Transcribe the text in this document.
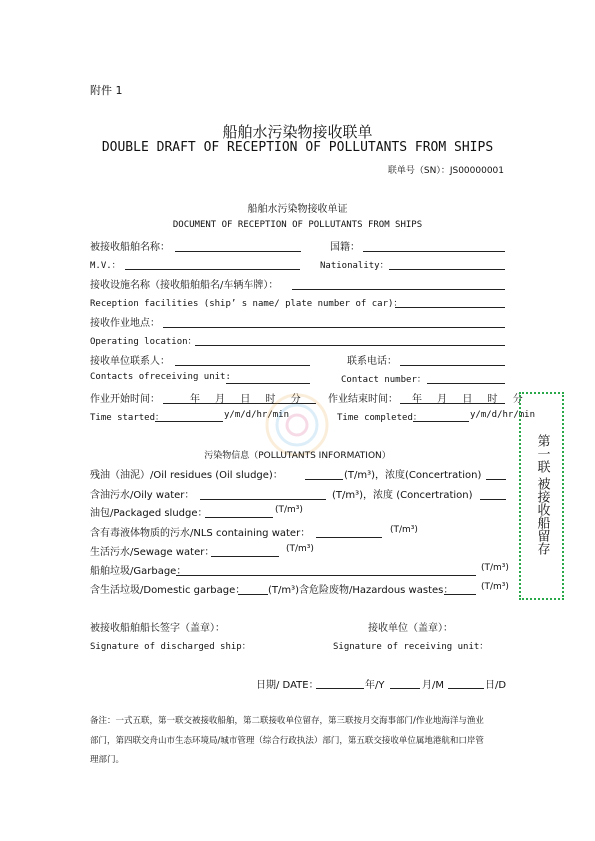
附件 1
船舶水污染物接收联单
DOUBLE DRAFT OF RECEPTION OF POLLUTANTS FROM SHIPS
联单号（SN）：JS00000001
船舶水污染物接收单证
DOCUMENT OF RECEPTION OF POLLUTANTS FROM SHIPS
被接收船舶名称：	国籍：
M.V.：	Nationality：
接收设施名称（接收船舶船名/车辆车牌）：
Reception facilities (ship’ s name/ plate number of car)：
接收作业地点：
Operating location：
接收单位联系人：	联系电话：
Contacts ofreceiving unit:	Contact number：
作业开始时间：	年 月 日 时 分	作业结束时间： 年 月 日 时 分
Time started：	y/m/d/hr/min	Time completed：	y/m/d/hr/min
污染物信息（POLLUTANTS INFORMATION）
残油（油泥）/Oil residues (Oil sludge)：	(T/m³)，浓度(Concertration)
含油污水/Oily water：	(T/m³)，浓度 (Concertration)
油包/Packaged sludge：	(T/m³)
含有毒液体物质的污水/NLS containing water：	(T/m³)
生活污水/Sewage water：	(T/m³)
船舶垃圾/Garbage：	(T/m³)
含生活垃圾/Domestic garbage： (T/m³)含危险废物/Hazardous wastes：	(T/m³)
第一联 被接收船留存
被接收船舶船长签字（盖章）：	接收单位（盖章）：
Signature of discharged ship：	Signature of receiving unit：
日期/ DATE：	年/Y	月/M	日/D
备注：一式五联，第一联交被接收船舶，第二联接收单位留存，第三联按月交海事部门/作业地海洋与渔业
部门，第四联交舟山市生态环境局/城市管理（综合行政执法）部门，第五联交接收单位属地港航和口岸管
理部门。
